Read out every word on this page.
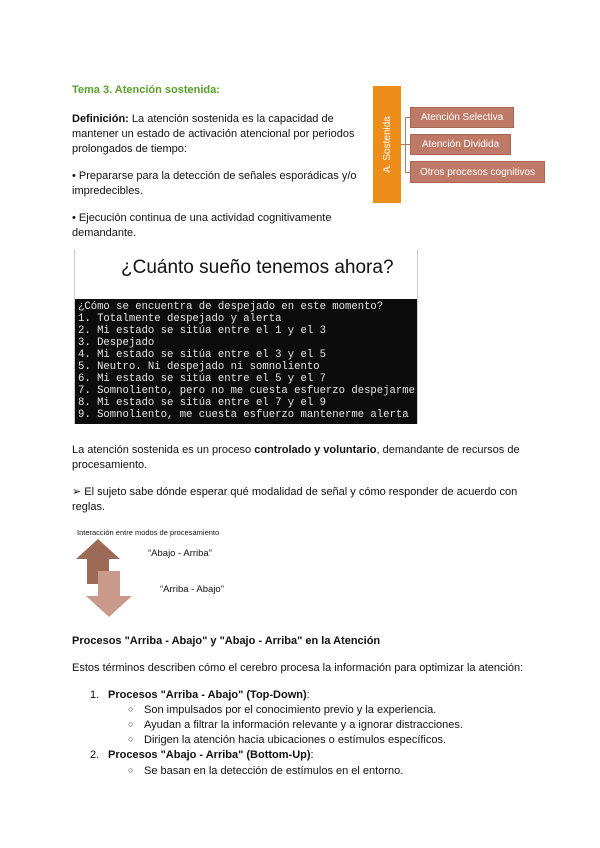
Tema 3. Atención sostenida:
Definición: La atención sostenida es la capacidad de
mantener un estado de activación atencional por periodos
prolongados de tiempo:
• Prepararse para la detección de señales esporádicas y/o
impredecibles.
• Ejecución continua de una actividad cognitivamente
demandante.
A. Sostenida	Atención Selectiva
Atención Dividida
Otros procesos cognitivos
¿Cuánto sueño tenemos ahora?
¿Cómo se encuentra de despejado en este momento?
1. Totalmente despejado y alerta
2. Mi estado se sitúa entre el 1 y el 3
3. Despejado
4. Mi estado se sitúa entre el 3 y el 5
5. Neutro. Ni despejado ni somnoliento
6. Mi estado se sitúa entre el 5 y el 7
7. Somnoliento, pero no me cuesta esfuerzo despejarme
8. Mi estado se sitúa entre el 7 y el 9
9. Somnoliento, me cuesta esfuerzo mantenerme alerta
La atención sostenida es un proceso controlado y voluntario, demandante de recursos de
procesamiento.
➢ El sujeto sabe dónde esperar qué modalidad de señal y cómo responder de acuerdo con
reglas.
Interacción entre modos de procesamiento
“Abajo - Arriba”
“Arriba - Abajo”
Procesos "Arriba - Abajo" y "Abajo - Arriba" en la Atención
Estos términos describen cómo el cerebro procesa la información para optimizar la atención:
1. Procesos "Arriba - Abajo" (Top-Down):
○ Son impulsados por el conocimiento previo y la experiencia.
○ Ayudan a filtrar la información relevante y a ignorar distracciones.
○ Dirigen la atención hacia ubicaciones o estímulos específicos.
2. Procesos "Abajo - Arriba" (Bottom-Up):
○ Se basan en la detección de estímulos en el entorno.
